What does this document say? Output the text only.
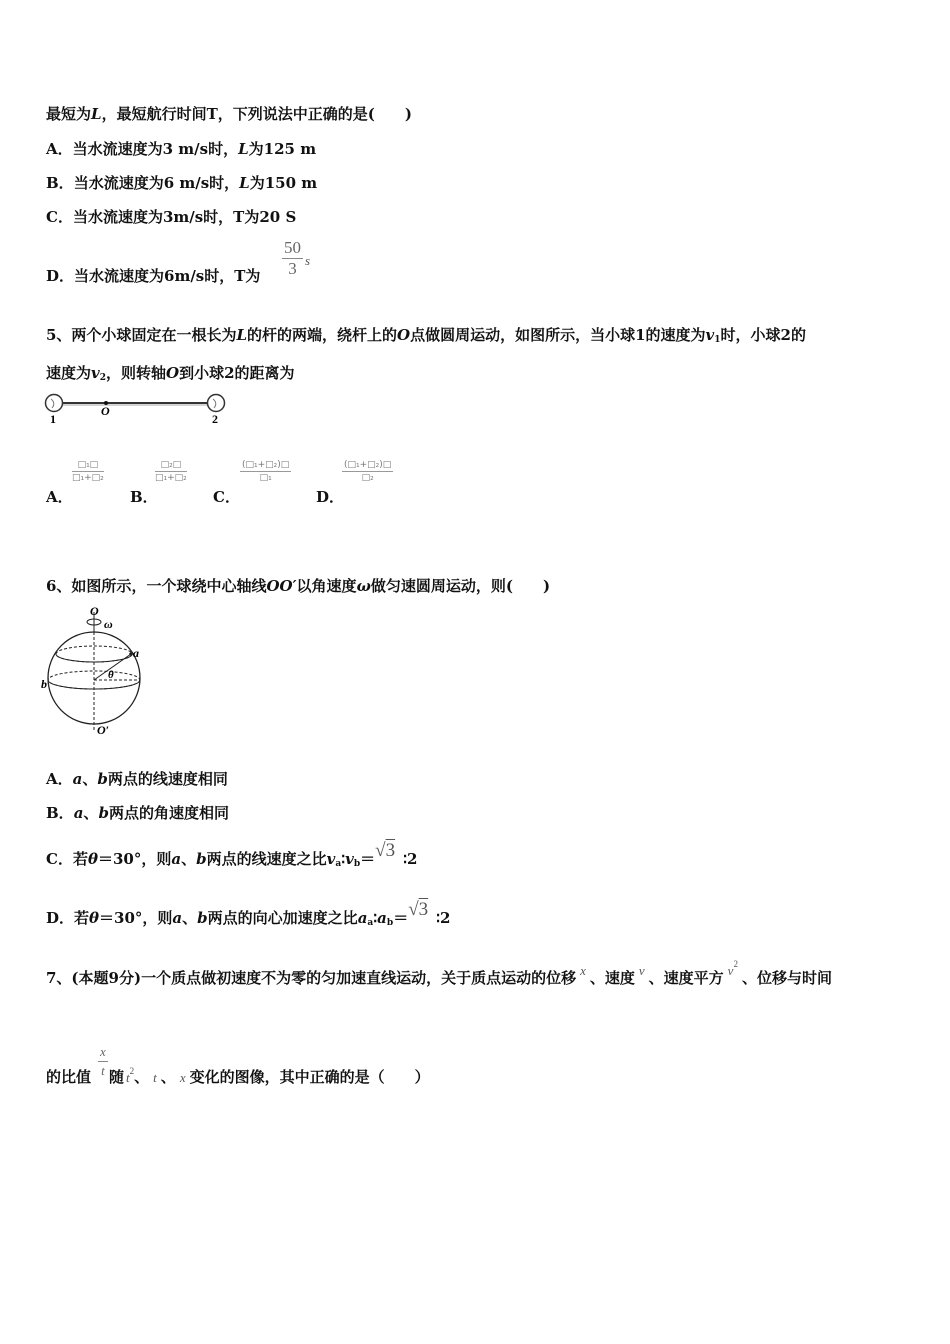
最短为L，最短航行时间T，下列说法中正确的是(　　)
A．当水流速度为3 m/s时，L为125 m
B．当水流速度为6 m/s时，L为150 m
C．当水流速度为3m/s时，T为20 S
D．当水流速度为6m/s时，T为 $\frac{50}{3}$ s
5、两个小球固定在一根长为L的杆的两端，绕杆上的O点做圆周运动，如图所示，当小球1的速度为$v_1$时，小球2的
速度为$v_2$，则转轴O到小球2的距离为
1
O
2
A．
□₁□
□₁+□₂
B．
□₂□
□₁+□₂
C．
(□₁+□₂)□
□₁
D．
(□₁+□₂)□
□₂
6、如图所示，一个球绕中心轴线OO′以角速度ω做匀速圆周运动，则(　　)
O
ω
a
b
θ
O′
A．a、b两点的线速度相同
B．a、b两点的角速度相同
C．若θ＝30°，则a、b两点的线速度之比$v_a∶v_b=√3$ ∶2
D．若θ＝30°，则a、b两点的向心加速度之比$a_a∶a_b=√3$ ∶2
7、(本题9分)一个质点做初速度不为零的匀加速直线运动，关于质点运动的位移 x 、速度 v 、速度平方 $v^2$、位移与时间
的比值 随 $t^2$、 t 、 x 变化的图像，其中正确的是（　　）
$\frac{x}{t}$
